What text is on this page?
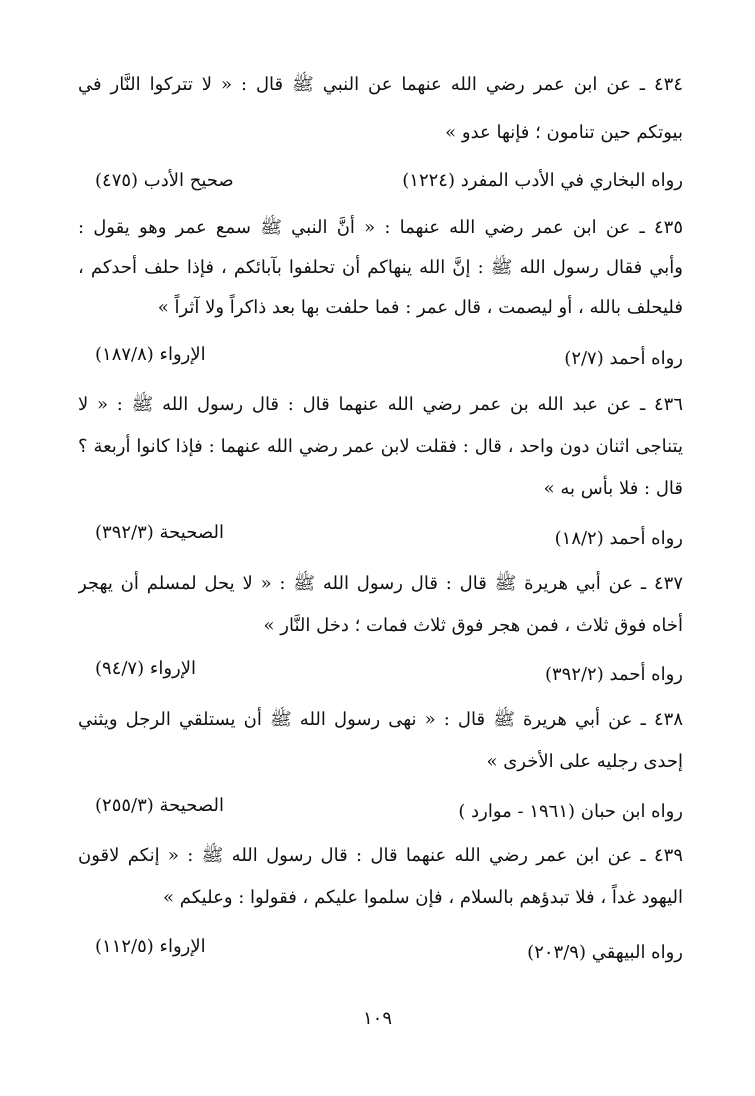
٤٣٤ ـ عن ابن عمر رضي الله عنهما عن النبي ﷺ قال : « لا تتركوا النَّار في
بيوتكم حين تنامون ؛ فإنها عدو »
رواه البخاري في الأدب المفرد (١٢٢٤)
صحيح الأدب (٤٧٥)
٤٣٥ ـ عن ابن عمر رضي الله عنهما : « أنَّ النبي ﷺ سمع عمر وهو يقول :
وأبي فقال رسول الله ﷺ : إنَّ الله ينهاكم أن تحلفوا بآبائكم ، فإذا حلف أحدكم ،
فليحلف بالله ، أو ليصمت ، قال عمر : فما حلفت بها بعد ذاكراً ولا آثراً »
رواه أحمد (٢/٧)
الإرواء (١٨٧/٨)
٤٣٦ ـ عن عبد الله بن عمر رضي الله عنهما قال : قال رسول الله ﷺ : « لا
يتناجى اثنان دون واحد ، قال : فقلت لابن عمر رضي الله عنهما : فإذا كانوا أربعة ؟
قال : فلا بأس به »
رواه أحمد (١٨/٢)
الصحيحة (٣٩٢/٣)
٤٣٧ ـ عن أبي هريرة ﷺ قال : قال رسول الله ﷺ : « لا يحل لمسلم أن يهجر
أخاه فوق ثلاث ، فمن هجر فوق ثلاث فمات ؛ دخل النَّار »
رواه أحمد (٣٩٢/٢)
الإرواء (٩٤/٧)
٤٣٨ ـ عن أبي هريرة ﷺ قال : « نهى رسول الله ﷺ أن يستلقي الرجل ويثني
إحدى رجليه على الأخرى »
رواه ابن حبان (١٩٦١ - موارد )
الصحيحة (٢٥٥/٣)
٤٣٩ ـ عن ابن عمر رضي الله عنهما قال : قال رسول الله ﷺ : « إنكم لاقون
اليهود غداً ، فلا تبدؤهم بالسلام ، فإن سلموا عليكم ، فقولوا : وعليكم »
رواه البيهقي (٢٠٣/٩)
الإرواء (١١٢/٥)
١٠٩
